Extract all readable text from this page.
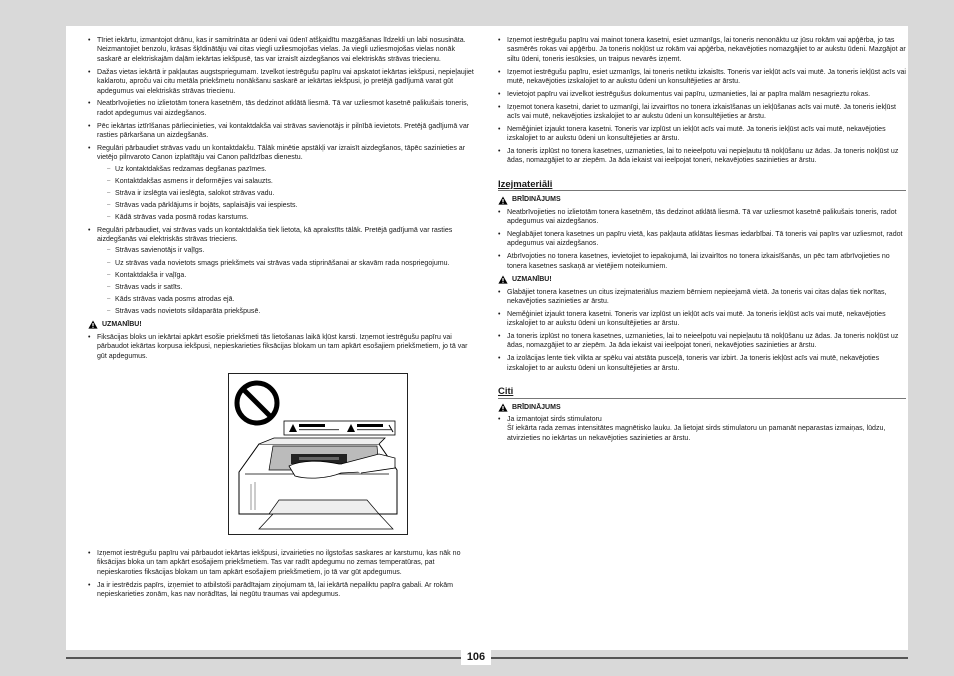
• Tīriet iekārtu, izmantojot drānu, kas ir samitrināta ar ūdeni vai ūdenī atšķaidītu mazgāšanas līdzekli un labi nosusināta. Neizmantojiet benzolu, krāsas šķīdinātāju vai citas viegli uzliesmojošas vielas. Ja viegli uzliesmojošas vielas nonāk saskarē ar elektriskajām daļām iekārtas iekšpusē, tas var izraisīt aizdegšanos vai elektriskās strāvas triecienu.
• Dažas vietas iekārtā ir pakļautas augstspriegumam. Izvelkot iestrēgušu papīru vai apskatot iekārtas iekšpusi, nepieļaujiet kaklarotu, aproču vai citu metāla priekšmetu nonākšanu saskarē ar iekārtas iekšpusi, jo pretējā gadījumā varat gūt apdegumus vai elektriskās strāvas triecienu.
• Neatbrīvojieties no izlietotām tonera kasetnēm, tās dedzinot atklātā liesmā. Tā var uzliesmot kasetnē palikušais toneris, radot apdegumus vai aizdegšanos.
• Pēc iekārtas iztīrīšanas pārliecinieties, vai kontaktdakša vai strāvas savienotājs ir pilnībā ievietots. Pretējā gadījumā var rasties pārkaršana un aizdegšanās.
• Regulāri pārbaudiet strāvas vadu un kontaktdakšu. Tālāk minētie apstākļi var izraisīt aizdegšanos, tāpēc sazinieties ar vietējo pilnvaroto Canon izplatītāju vai Canon palīdzības dienestu.
– Uz kontaktdakšas redzamas degšanas pazīmes.
– Kontaktdakšas asmens ir deformējies vai salauzts.
– Strāva ir izslēgta vai ieslēgta, salokot strāvas vadu.
– Strāvas vada pārklājums ir bojāts, saplaisājis vai iespiests.
– Kādā strāvas vada posmā rodas karstums.
• Regulāri pārbaudiet, vai strāvas vads un kontaktdakša tiek lietota, kā aprakstīts tālāk. Pretējā gadījumā var rasties aizdegšanās vai elektriskās strāvas trieciens.
– Strāvas savienotājs ir vaļīgs.
– Uz strāvas vada novietots smags priekšmets vai strāvas vada stiprināšanai ar skavām rada nospriegojumu.
– Kontaktdakša ir vaļīga.
– Strāvas vads ir satīts.
– Kāds strāvas vada posms atrodas ejā.
– Strāvas vads novietots sildaparāta priekšpusē.
UZMANĪBU!
• Fiksācijas bloks un iekārtai apkārt esošie priekšmeti tās lietošanas laikā kļūst karsti. Izņemot iestrēgušu papīru vai pārbaudot iekārtas korpusa iekšpusi, nepieskarieties fiksācijas blokam un tam apkārt esošajiem priekšmetiem, jo tā var gūt apdegumus.
• Izņemot iestrēgušu papīru vai pārbaudot iekārtas iekšpusi, izvairieties no ilgstošas saskares ar karstumu, kas nāk no fiksācijas bloka un tam apkārt esošajiem priekšmetiem. Tas var radīt apdegumu no zemas temperatūras, pat nepieskaroties fiksācijas blokam un tam apkārt esošajiem priekšmetiem, jo tā var gūt apdegumus.
• Ja ir iestrēdzis papīrs, izņemiet to atbilstoši parādītajam ziņojumam tā, lai iekārtā nepaliktu papīra gabali. Ar rokām nepieskarieties zonām, kas nav norādītas, lai negūtu traumas vai apdegumus.
• Izņemot iestrēgušu papīru vai mainot tonera kasetni, esiet uzmanīgs, lai toneris nenonāktu uz jūsu rokām vai apģērba, jo tas sasmērēs rokas vai apģērbu. Ja toneris nokļūst uz rokām vai apģērba, nekavējoties nomazgājiet to ar aukstu ūdeni. Mazgājot ar siltu ūdeni, toneris iesūksies, un traipus nevarēs izņemt.
• Izņemot iestrēgušu papīru, esiet uzmanīgs, lai toneris netiktu izkaisīts. Toneris var iekļūt acīs vai mutē. Ja toneris iekļūst acīs vai mutē, nekavējoties izskalojiet to ar aukstu ūdeni un konsultējieties ar ārstu.
• Ievietojot papīru vai izvelkot iestrēgušus dokumentus vai papīru, uzmanieties, lai ar papīra malām nesagrieztu rokas.
• Izņemot tonera kasetni, dariet to uzmanīgi, lai izvairītos no tonera izkaisīšanas un iekļūšanas acīs vai mutē. Ja toneris iekļūst acīs vai mutē, nekavējoties izskalojiet to ar aukstu ūdeni un konsultējieties ar ārstu.
• Neměģiniet izjaukt tonera kasetni. Toneris var izplūst un iekļūt acīs vai mutē. Ja toneris iekļūst acīs vai mutē, nekavējoties izskalojiet to ar aukstu ūdeni un konsultējieties ar ārstu.
• Ja toneris izplūst no tonera kasetnes, uzmanieties, lai to neieelpotu vai nepieļautu tā nokļūšanu uz ādas. Ja toneris nokļūst uz ādas, nomazgājiet to ar ziepēm. Ja āda iekaist vai ieelpojat toneri, nekavējoties sazinieties ar ārstu.
Izejmateriāli
BRĪDINĀJUMS
• Neatbrīvojieties no izlietotām tonera kasetnēm, tās dedzinot atklātā liesmā. Tā var uzliesmot kasetnē palikušais toneris, radot apdegumus vai aizdegšanos.
• Neglabājiet tonera kasetnes un papīru vietā, kas pakļauta atklātas liesmas iedarbībai. Tā toneris vai papīrs var uzliesmot, radot apdegumus vai aizdegšanos.
• Atbrīvojoties no tonera kasetnes, ievietojiet to iepakojumā, lai izvairītos no tonera izkaisīšanās, un pēc tam atbrīvojieties no tonera kasetnes saskaņā ar vietējiem noteikumiem.
UZMANĪBU!
• Glabājiet tonera kasetnes un citus izejmateriālus maziem bērniem nepieejamā vietā. Ja toneris vai citas daļas tiek norītas, nekavējoties sazinieties ar ārstu.
• Neměģiniet izjaukt tonera kasetni. Toneris var izplūst un iekļūt acīs vai mutē. Ja toneris iekļūst acīs vai mutē, nekavējoties izskalojiet to ar aukstu ūdeni un konsultējieties ar ārstu.
• Ja toneris izplūst no tonera kasetnes, uzmanieties, lai to neieelpotu vai nepieļautu tā nokļūšanu uz ādas. Ja toneris nokļūst uz ādas, nomazgājiet to ar ziepēm. Ja āda iekaist vai ieelpojat toneri, nekavējoties sazinieties ar ārstu.
• Ja izolācijas lente tiek vilkta ar spēku vai atstāta pusceļā, toneris var izbirt. Ja toneris iekļūst acīs vai mutē, nekavējoties izskalojiet to ar aukstu ūdeni un konsultējieties ar ārstu.
Citi
BRĪDINĀJUMS
• Ja izmantojat sirds stimulatoru
Šī iekārta rada zemas intensitātes magnētisko lauku. Ja lietojat sirds stimulatoru un pamanāt neparastas izmaiņas, lūdzu, atvirzieties no iekārtas un nekavējoties sazinieties ar ārstu.
106
